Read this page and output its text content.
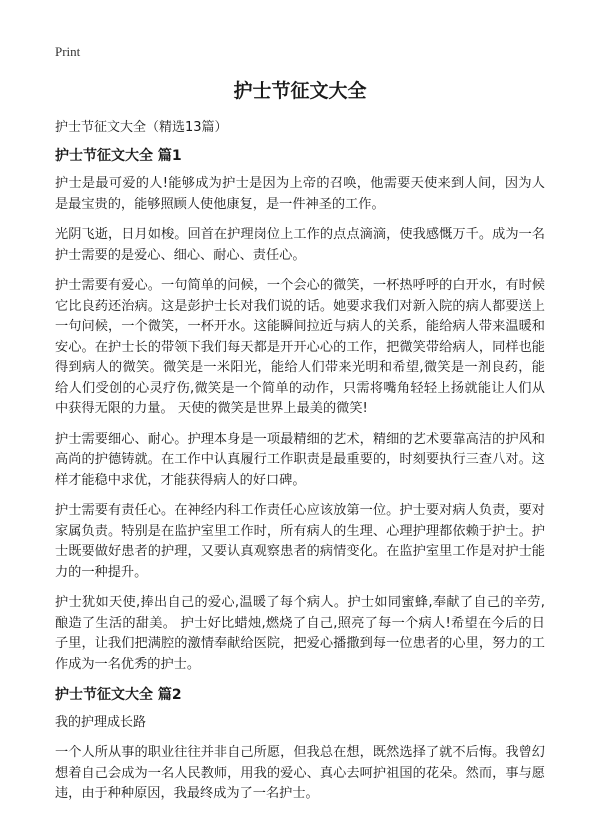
Print
护士节征文大全
护士节征文大全（精选13篇）
护士节征文大全 篇1

护士是最可爱的人!能够成为护士是因为上帝的召唤，他需要天使来到人间，因为人是最宝贵的，能够照顾人使他康复，是一件神圣的工作。

光阴飞逝，日月如梭。回首在护理岗位上工作的点点滴滴，使我感慨万千。成为一名护士需要的是爱心、细心、耐心、责任心。

护士需要有爱心。一句简单的问候，一个会心的微笑，一杯热呼呼的白开水，有时候它比良药还治病。这是彭护士长对我们说的话。她要求我们对新入院的病人都要送上一句问候，一个微笑，一杯开水。这能瞬间拉近与病人的关系，能给病人带来温暖和安心。在护士长的带领下我们每天都是开开心心的工作，把微笑带给病人，同样也能得到病人的微笑。微笑是一米阳光，能给人们带来光明和希望,微笑是一剂良药，能给人们受创的心灵疗伤,微笑是一个简单的动作，只需将嘴角轻轻上扬就能让人们从中获得无限的力量。 天使的微笑是世界上最美的微笑!

护士需要细心、耐心。护理本身是一项最精细的艺术，精细的艺术要靠高洁的护风和高尚的护德铸就。在工作中认真履行工作职责是最重要的，时刻要执行三查八对。这样才能稳中求优，才能获得病人的好口碑。

护士需要有责任心。在神经内科工作责任心应该放第一位。护士要对病人负责，要对家属负责。特别是在监护室里工作时，所有病人的生理、心理护理都依赖于护士。护士既要做好患者的护理，又要认真观察患者的病情变化。在监护室里工作是对护士能力的一种提升。

护士犹如天使,捧出自己的爱心,温暖了每个病人。护士如同蜜蜂,奉献了自己的辛劳,酿造了生活的甜美。 护士好比蜡烛,燃烧了自己,照亮了每一个病人!希望在今后的日子里，让我们把满腔的激情奉献给医院，把爱心播撒到每一位患者的心里，努力的工作成为一名优秀的护士。

护士节征文大全 篇2
我的护理成长路

一个人所从事的职业往往并非自己所愿，但我总在想，既然选择了就不后悔。我曾幻想着自己会成为一名人民教师，用我的爱心、真心去呵护祖国的花朵。然而，事与愿违，由于种种原因，我最终成为了一名护士。
